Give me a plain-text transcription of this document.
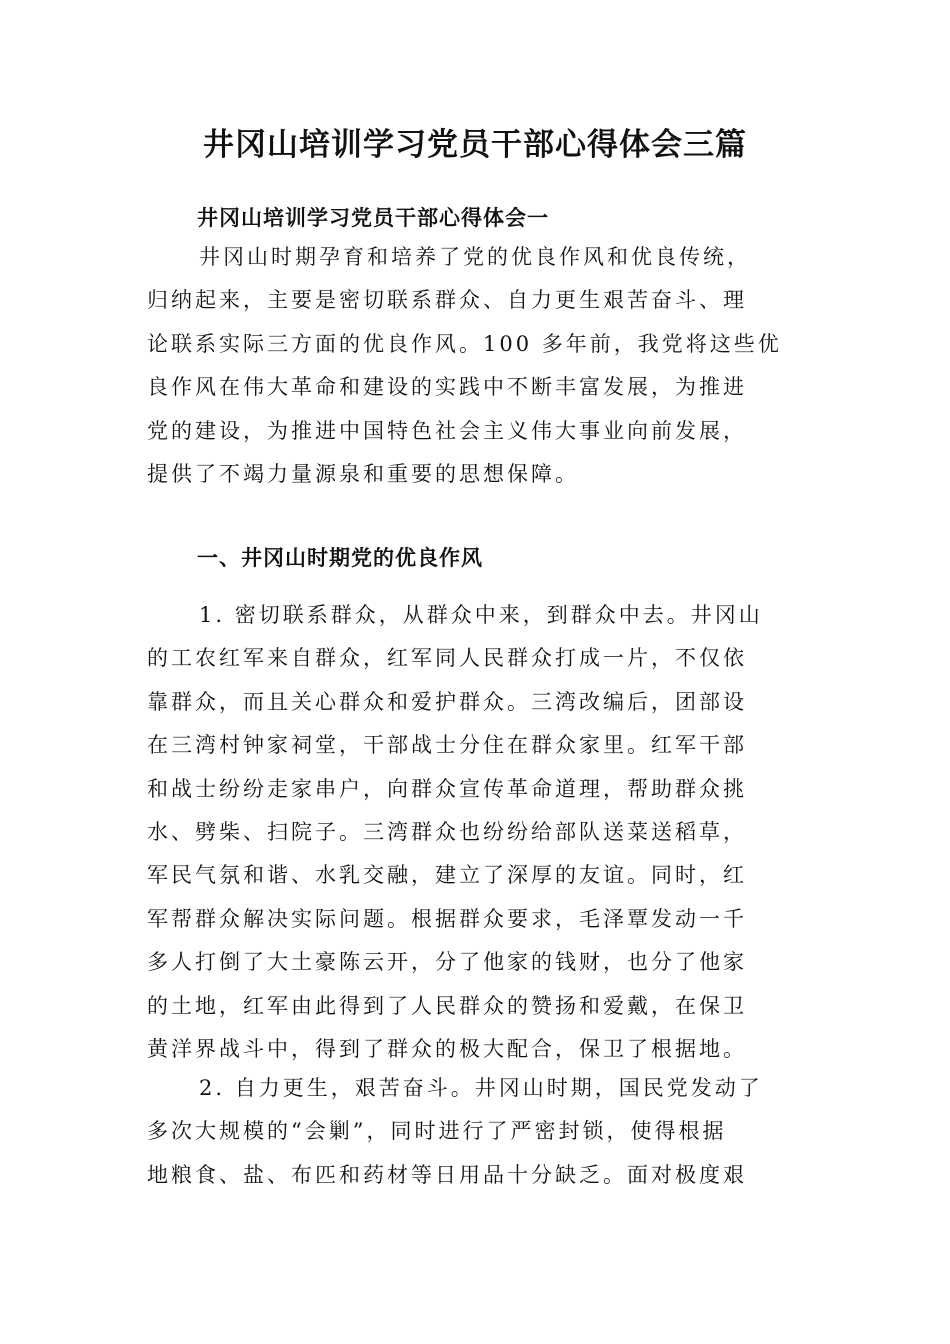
井冈山培训学习党员干部心得体会三篇
井冈山培训学习党员干部心得体会一

井冈山时期孕育和培养了党的优良作风和优良传统，
归纳起来，主要是密切联系群众、自力更生艰苦奋斗、理
论联系实际三方面的优良作风。100 多年前，我党将这些优
良作风在伟大革命和建设的实践中不断丰富发展，为推进
党的建设，为推进中国特色社会主义伟大事业向前发展，
提供了不竭力量源泉和重要的思想保障。

一、井冈山时期党的优良作风

1. 密切联系群众，从群众中来，到群众中去。井冈山
的工农红军来自群众，红军同人民群众打成一片，不仅依
靠群众，而且关心群众和爱护群众。三湾改编后，团部设
在三湾村钟家祠堂，干部战士分住在群众家里。红军干部
和战士纷纷走家串户，向群众宣传革命道理，帮助群众挑
水、劈柴、扫院子。三湾群众也纷纷给部队送菜送稻草，
军民气氛和谐、水乳交融，建立了深厚的友谊。同时，红
军帮群众解决实际问题。根据群众要求，毛泽覃发动一千
多人打倒了大土豪陈云开，分了他家的钱财，也分了他家
的土地，红军由此得到了人民群众的赞扬和爱戴，在保卫
黄洋界战斗中，得到了群众的极大配合，保卫了根据地。

2. 自力更生，艰苦奋斗。井冈山时期，国民党发动了
多次大规模的“会剿”，同时进行了严密封锁，使得根据
地粮食、盐、布匹和药材等日用品十分缺乏。面对极度艰
